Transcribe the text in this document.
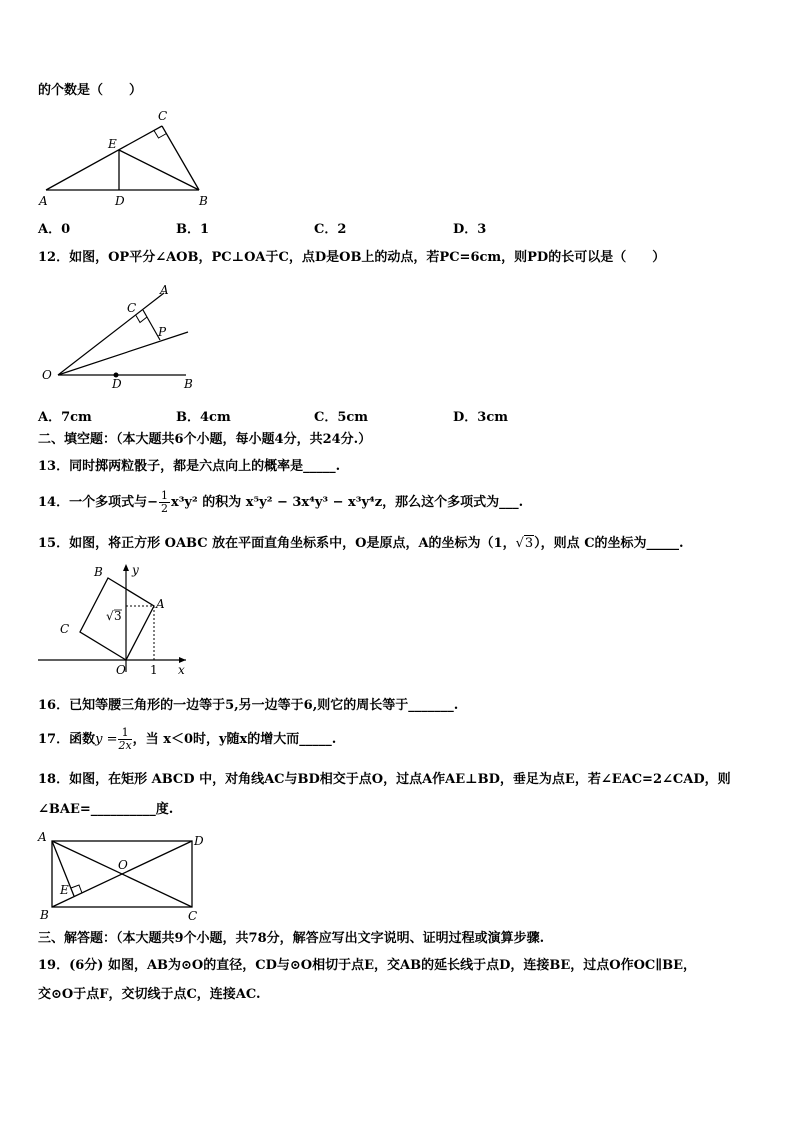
的个数是（　　）
A	D	B
C
E
A．0	B．1	C．2	D．3
12．如图，OP平分∠AOB，PC⊥OA于C，点D是OB上的动点，若PC=6cm，则PD的长可以是（　　）
A
C
P
O
D	B
A．7cm	B．4cm	C．5cm	D．3cm
二、填空题：（本大题共6个小题，每小题4分，共24分.）
13．同时掷两粒骰子，都是六点向上的概率是_____.
14．一个多项式与− $\frac{1}{2} x^3y^2$ 的积为 x⁵y² − 3x⁴y³ − x³y⁴z，那么这个多项式为___.
15．如图，将正方形 OABC 放在平面直角坐标系中，O是原点，A的坐标为（1，√3），则点 C的坐标为_____.
B y
A
C
O 1 x
√ 3
16．已知等腰三角形的一边等于5,另一边等于6,则它的周长等于_______.
17．函数$y = \frac{1}{2x}$ ，当 x＜0时，y随x的增大而_____.
18．如图，在矩形 ABCD 中，对角线AC与BD相交于点O，过点A作AE⊥BD，垂足为点E，若∠EAC=2∠CAD，则
∠BAE=__________度.
A	D
O
E
B	C
三、解答题：（本大题共9个小题，共78分，解答应写出文字说明、证明过程或演算步骤.
19．(6分) 如图，AB为⊙O的直径，CD与⊙O相切于点E，交AB的延长线于点D，连接BE，过点O作OC∥BE，
交⊙O于点F，交切线于点C，连接AC.
